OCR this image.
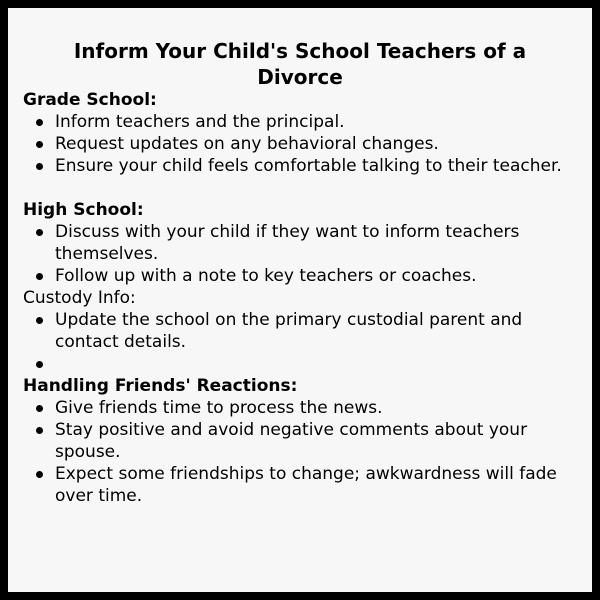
Inform Your Child's School Teachers of a Divorce

Grade School:

Inform teachers and the principal.
Request updates on any behavioral changes.
Ensure your child feels comfortable talking to their teacher.

High School:

Discuss with your child if they want to inform teachers themselves.
Follow up with a note to key teachers or coaches.

Custody Info:

Update the school on the primary custodial parent and contact details.

Handling Friends' Reactions:

Give friends time to process the news.
Stay positive and avoid negative comments about your spouse.
Expect some friendships to change; awkwardness will fade over time.
